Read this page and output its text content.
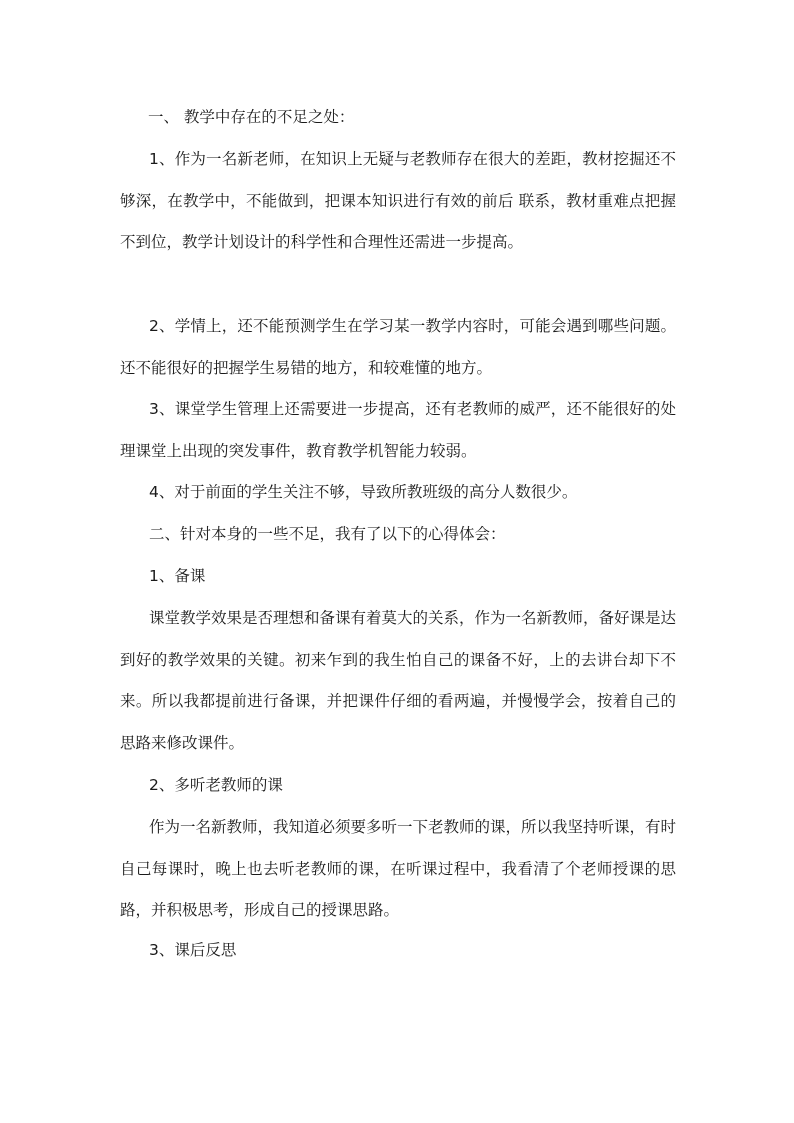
一、 教学中存在的不足之处：
1、作为一名新老师，在知识上无疑与老教师存在很大的差距，教材挖掘还不够深，在教学中，不能做到，把课本知识进行有效的前后 联系，教材重难点把握不到位，教学计划设计的科学性和合理性还需进一步提高。
2、学情上，还不能预测学生在学习某一教学内容时，可能会遇到哪些问题。还不能很好的把握学生易错的地方，和较难懂的地方。
3、课堂学生管理上还需要进一步提高，还有老教师的威严，还不能很好的处理课堂上出现的突发事件，教育教学机智能力较弱。
4、对于前面的学生关注不够，导致所教班级的高分人数很少。
二、针对本身的一些不足，我有了以下的心得体会：
1、备课
课堂教学效果是否理想和备课有着莫大的关系，作为一名新教师，备好课是达到好的教学效果的关键。初来乍到的我生怕自己的课备不好，上的去讲台却下不来。所以我都提前进行备课，并把课件仔细的看两遍，并慢慢学会，按着自己的思路来修改课件。
2、多听老教师的课
作为一名新教师，我知道必须要多听一下老教师的课，所以我坚持听课，有时自己每课时，晚上也去听老教师的课，在听课过程中，我看清了个老师授课的思路，并积极思考，形成自己的授课思路。
3、课后反思
